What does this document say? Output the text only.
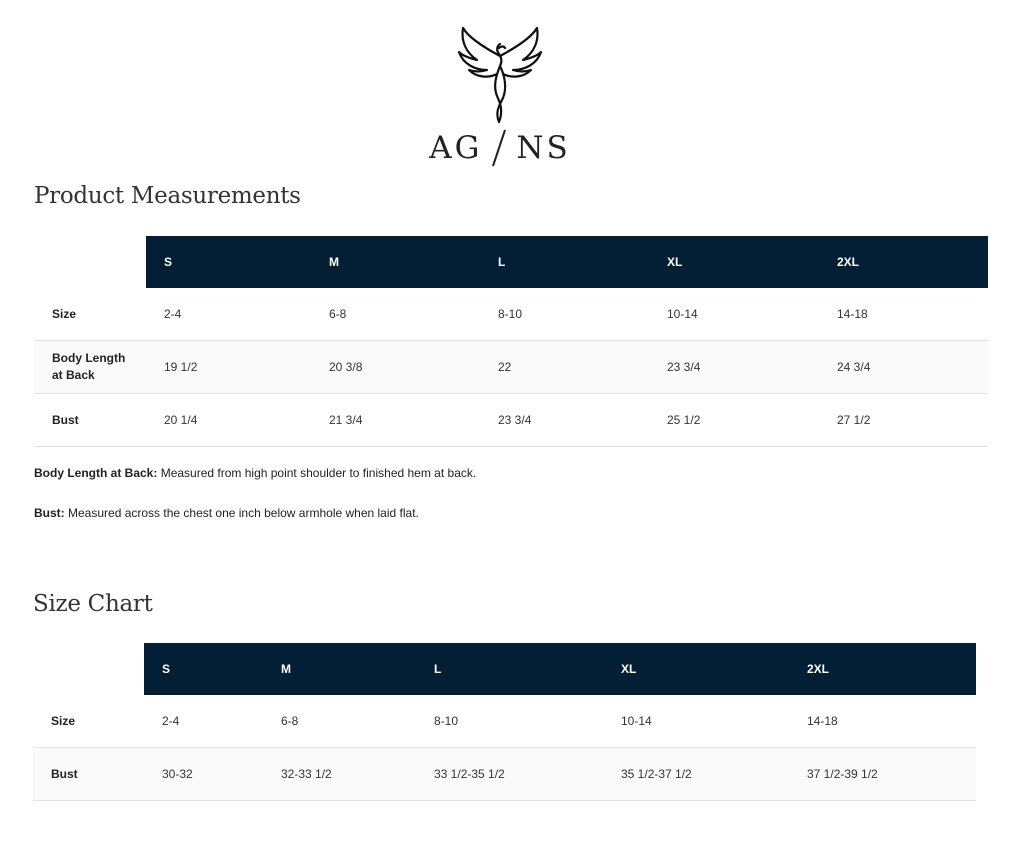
AG NS
Product Measurements
	S	M	L	XL	2XL
Size	2-4	6-8	8-10	10-14	14-18
Body Length at Back	19 1/2	20 3/8	22	23 3/4	24 3/4
Bust	20 1/4	21 3/4	23 3/4	25 1/2	27 1/2

Body Length at Back: Measured from high point shoulder to finished hem at back.

Bust: Measured across the chest one inch below armhole when laid flat.

Size Chart
	S	M	L	XL	2XL
Size	2-4	6-8	8-10	10-14	14-18
Bust	30-32	32-33 1/2	33 1/2-35 1/2	35 1/2-37 1/2	37 1/2-39 1/2
